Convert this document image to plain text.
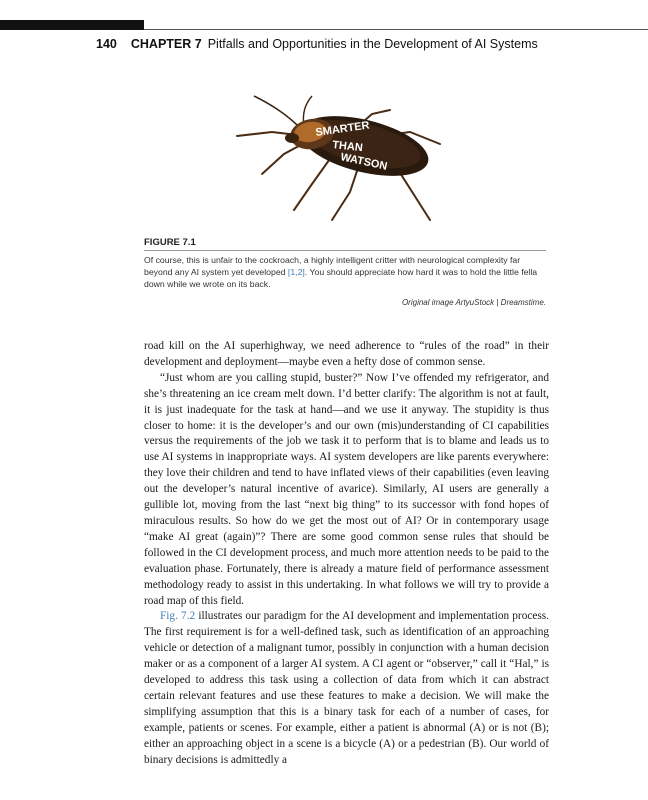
140 CHAPTER 7 Pitfalls and Opportunities in the Development of AI Systems
SMARTER
THAN
WATSON
FIGURE 7.1
Of course, this is unfair to the cockroach, a highly intelligent critter with neurological complexity far beyond any AI system yet developed [1,2]. You should appreciate how hard it was to hold the little fella down while we wrote on its back.
Original image ArtyuStock | Dreamstime.

road kill on the AI superhighway, we need adherence to “rules of the road” in their development and deployment—maybe even a hefty dose of common sense.

“Just whom are you calling stupid, buster?” Now I’ve offended my refrigerator, and she’s threatening an ice cream melt down. I’d better clarify: The algorithm is not at fault, it is just inadequate for the task at hand—and we use it anyway. The stupidity is thus closer to home: it is the developer’s and our own (mis)understanding of CI capabilities versus the requirements of the job we task it to perform that is to blame and leads us to use AI systems in inappropriate ways. AI system developers are like parents everywhere: they love their children and tend to have inflated views of their capabilities (even leaving out the developer’s natural incentive of avarice). Similarly, AI users are generally a gullible lot, moving from the last “next big thing” to its successor with fond hopes of miraculous results. So how do we get the most out of AI? Or in contemporary usage “make AI great (again)”? There are some good common sense rules that should be followed in the CI development process, and much more attention needs to be paid to the evaluation phase. Fortunately, there is already a mature field of performance assessment methodology ready to assist in this undertaking. In what follows we will try to provide a road map of this field.

Fig. 7.2 illustrates our paradigm for the AI development and implementation process. The first requirement is for a well-defined task, such as identification of an approaching vehicle or detection of a malignant tumor, possibly in conjunction with a human decision maker or as a component of a larger AI system. A CI agent or “observer,” call it “Hal,” is developed to address this task using a collection of data from which it can abstract certain relevant features and use these features to make a decision. We will make the simplifying assumption that this is a binary task for each of a number of cases, for example, patients or scenes. For example, either a patient is abnormal (A) or is not (B); either an approaching object in a scene is a bicycle (A) or a pedestrian (B). Our world of binary decisions is admittedly a
